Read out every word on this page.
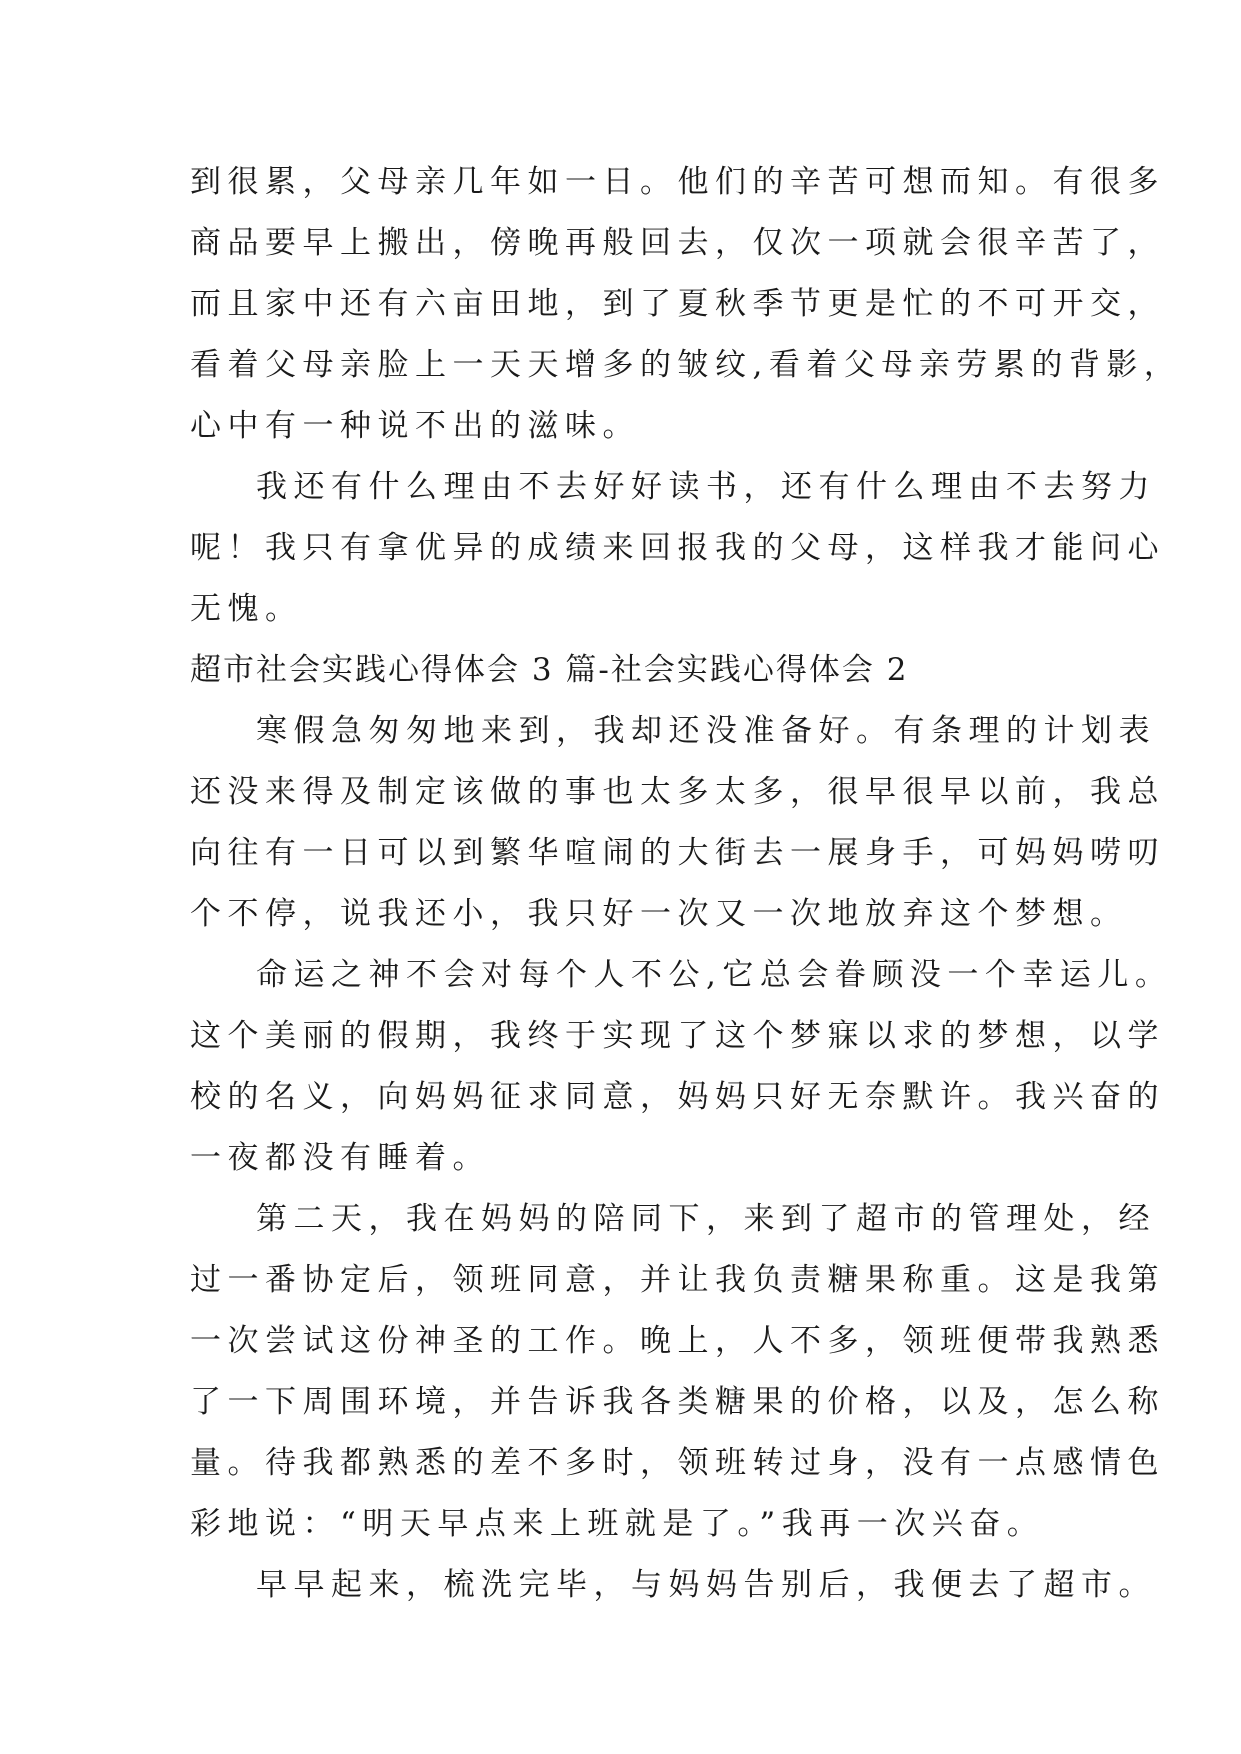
到很累，父母亲几年如一日。他们的辛苦可想而知。有很多
商品要早上搬出，傍晚再般回去，仅次一项就会很辛苦了，
而且家中还有六亩田地，到了夏秋季节更是忙的不可开交，
看着父母亲脸上一天天增多的皱纹,看着父母亲劳累的背影，
心中有一种说不出的滋味。
我还有什么理由不去好好读书，还有什么理由不去努力
呢！我只有拿优异的成绩来回报我的父母，这样我才能问心
无愧。
超市社会实践心得体会 3 篇-社会实践心得体会 2
寒假急匆匆地来到，我却还没准备好。有条理的计划表
还没来得及制定该做的事也太多太多，很早很早以前，我总
向往有一日可以到繁华喧闹的大街去一展身手，可妈妈唠叨
个不停，说我还小，我只好一次又一次地放弃这个梦想。
命运之神不会对每个人不公,它总会眷顾没一个幸运儿。
这个美丽的假期，我终于实现了这个梦寐以求的梦想，以学
校的名义，向妈妈征求同意，妈妈只好无奈默许。我兴奋的
一夜都没有睡着。
第二天，我在妈妈的陪同下，来到了超市的管理处，经
过一番协定后，领班同意，并让我负责糖果称重。这是我第
一次尝试这份神圣的工作。晚上，人不多，领班便带我熟悉
了一下周围环境，并告诉我各类糖果的价格，以及，怎么称
量。待我都熟悉的差不多时，领班转过身，没有一点感情色
彩地说：“明天早点来上班就是了。”我再一次兴奋。
早早起来，梳洗完毕，与妈妈告别后，我便去了超市。
